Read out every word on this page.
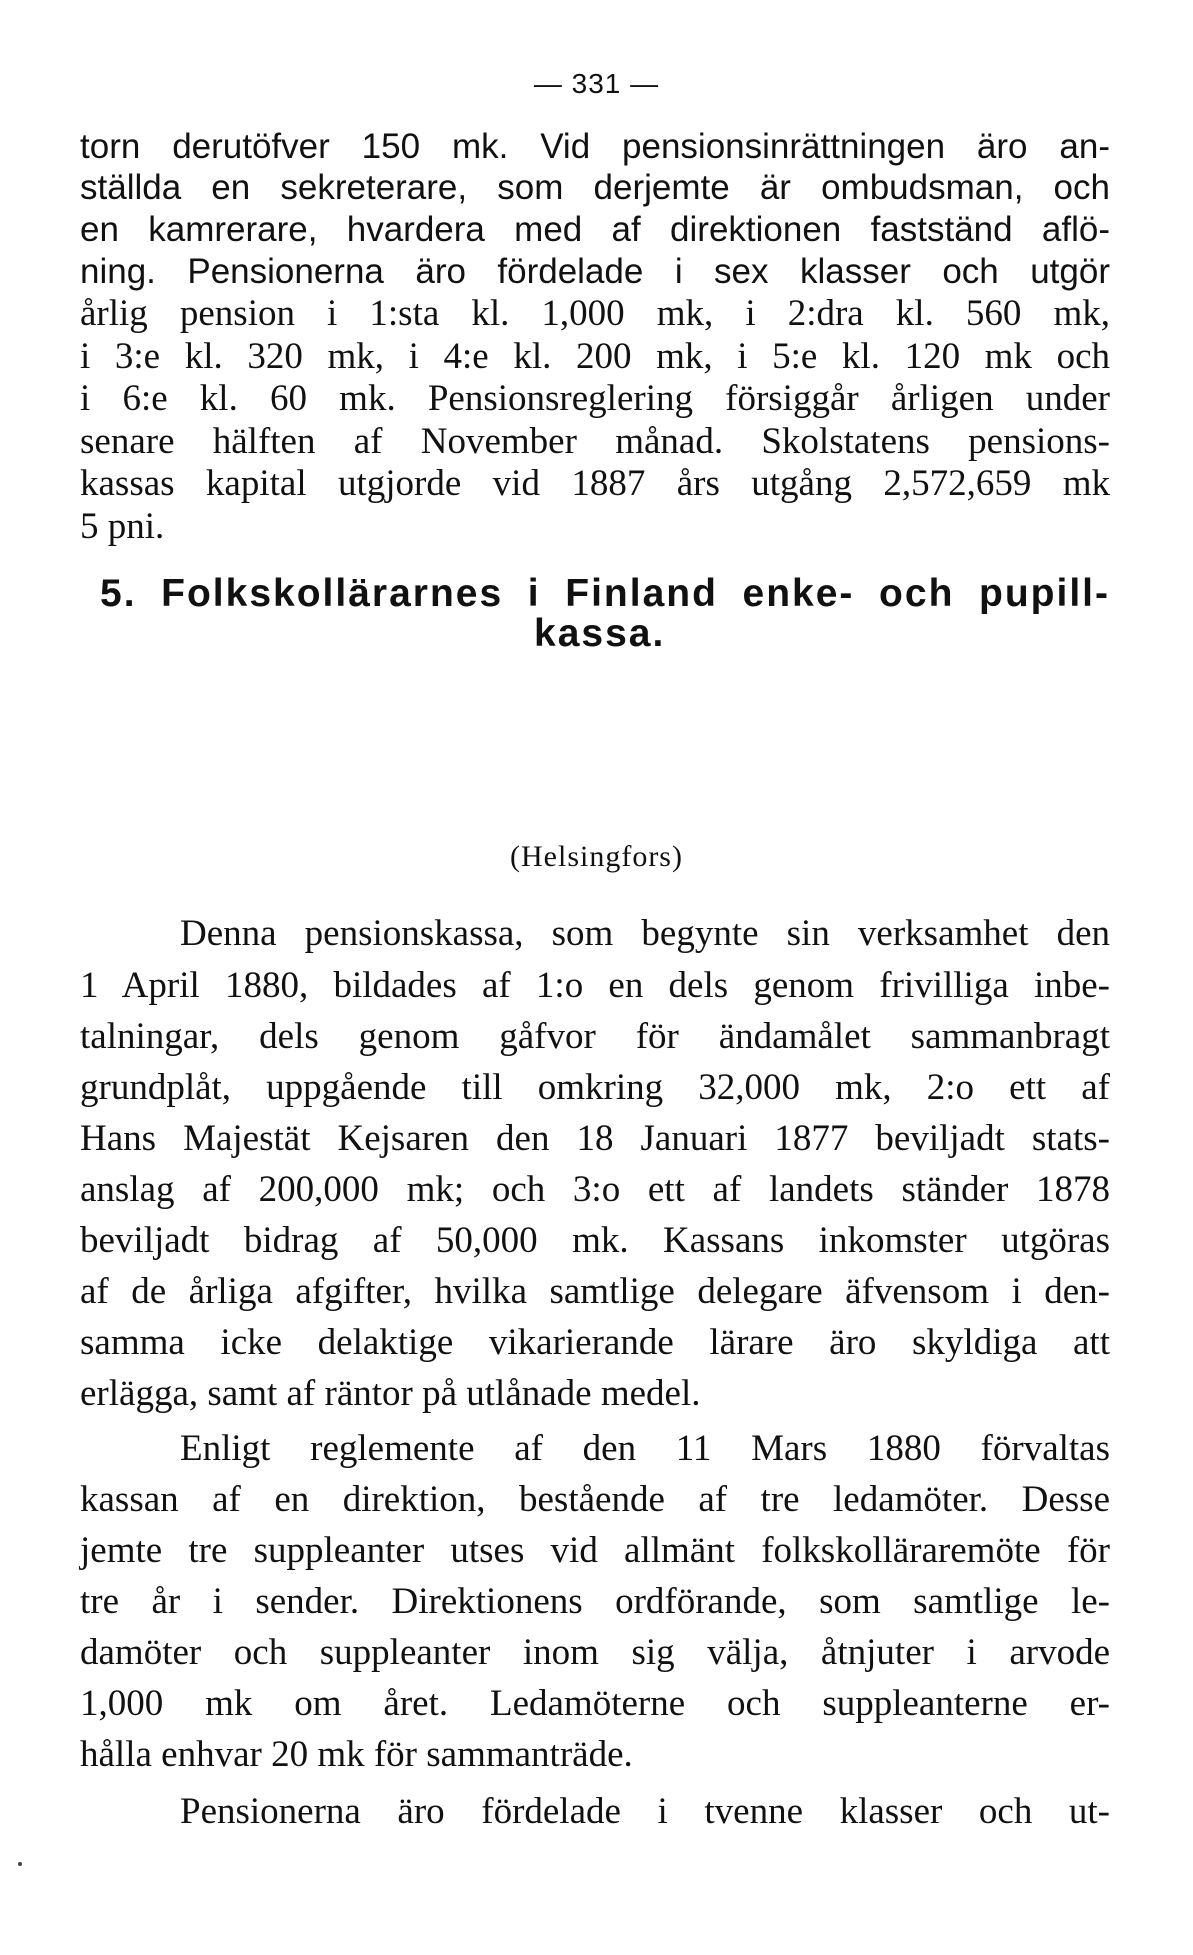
— 331 —
torn derutöfver 150 mk. Vid pensionsinrättningen äro an-
ställda en sekreterare, som derjemte är ombudsman, och
en kamrerare, hvardera med af direktionen fastständ aflö-
ning. Pensionerna äro fördelade i sex klasser och utgör
årlig pension i 1:sta kl. 1,000 mk, i 2:dra kl. 560 mk,
i 3:e kl. 320 mk, i 4:e kl. 200 mk, i 5:e kl. 120 mk och
i 6:e kl. 60 mk. Pensionsreglering försiggår årligen under
senare hälften af November månad. Skolstatens pensions-
kassas kapital utgjorde vid 1887 års utgång 2,572,659 mk
5 pni.
5. Folkskollärarnes i Finland enke- och pupill-
kassa.
(Helsingfors)
Denna pensionskassa, som begynte sin verksamhet den
1 April 1880, bildades af 1:o en dels genom frivilliga inbe-
talningar, dels genom gåfvor för ändamålet sammanbragt
grundplåt, uppgående till omkring 32,000 mk, 2:o ett af
Hans Majestät Kejsaren den 18 Januari 1877 beviljadt stats-
anslag af 200,000 mk; och 3:o ett af landets ständer 1878
beviljadt bidrag af 50,000 mk. Kassans inkomster utgöras
af de årliga afgifter, hvilka samtlige delegare äfvensom i den-
samma icke delaktige vikarierande lärare äro skyldiga att
erlägga, samt af räntor på utlånade medel.
Enligt reglemente af den 11 Mars 1880 förvaltas
kassan af en direktion, bestående af tre ledamöter. Desse
jemte tre suppleanter utses vid allmänt folkskolläraremöte för
tre år i sender. Direktionens ordförande, som samtlige le-
damöter och suppleanter inom sig välja, åtnjuter i arvode
1,000 mk om året. Ledamöterne och suppleanterne er-
hålla enhvar 20 mk för sammanträde.
Pensionerna äro fördelade i tvenne klasser och ut-
